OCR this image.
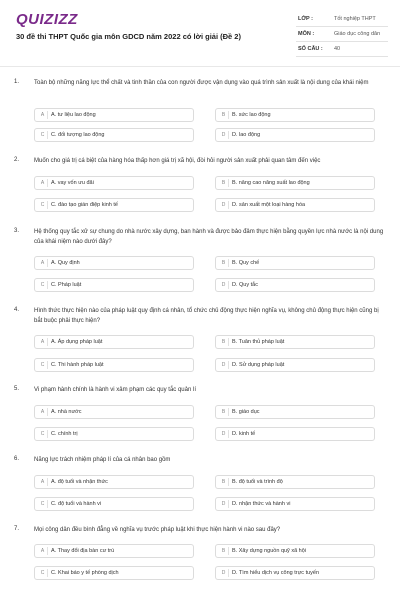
QUIZIZZ
30 đề thi THPT Quốc gia môn GDCD năm 2022 có lời giải (Đề 2)
LỚP :	Tốt nghiệp THPT
MÔN :	Giáo dục công dân
SỐ CÂU : 40
1. Toàn bộ những năng lực thể chất và tinh thần của con người được vận dụng vào quá trình sản xuất là nội dung của khái niệm
A	A. tư liệu lao động	B	B. sức lao động
C	C. đối tượng lao động	D	D. lao động
2. Muốn cho giá trị cá biệt của hàng hóa thấp hơn giá trị xã hội, đòi hỏi người sản xuất phải quan tâm đến việc
A	A. vay vốn ưu đãi	B	B. nâng cao năng suất lao động
C	C. đào tạo gián điệp kinh tế	D	D. sản xuất một loại hàng hóa
3. Hệ thống quy tắc xử sự chung do nhà nước xây dựng, ban hành và được bảo đảm thực hiện bằng quyền lực nhà nước là nội dung của khái niệm nào dưới đây?
A	A. Quy định	B	B. Quy chế
C	C. Pháp luật	D	D. Quy tắc
4. Hình thức thực hiện nào của pháp luật quy định cá nhân, tổ chức chủ động thực hiện nghĩa vụ, không chủ động thực hiện cũng bị bắt buộc phải thực hiện?
A	A. Áp dụng pháp luật	B	B. Tuân thủ pháp luật
C	C. Thi hành pháp luật	D	D. Sử dụng pháp luật
5. Vi phạm hành chính là hành vi xâm phạm các quy tắc quản lí
A	A. nhà nước	B	B. giáo dục
C	C. chính trị	D	D. kinh tế
6. Năng lực trách nhiệm pháp lí của cá nhân bao gồm
A	A. độ tuổi và nhận thức	B	B. độ tuổi và trình độ
C	C. độ tuổi và hành vi	D	D. nhận thức và hành vi
7. Mọi công dân đều bình đẳng về nghĩa vụ trước pháp luật khi thực hiện hành vi nào sau đây?
A	A. Thay đổi địa bàn cư trú	B	B. Xây dựng nguồn quỹ xã hội
C	C. Khai báo y tế phòng dịch	D	D. Tìm hiểu dịch vụ công trực tuyến
